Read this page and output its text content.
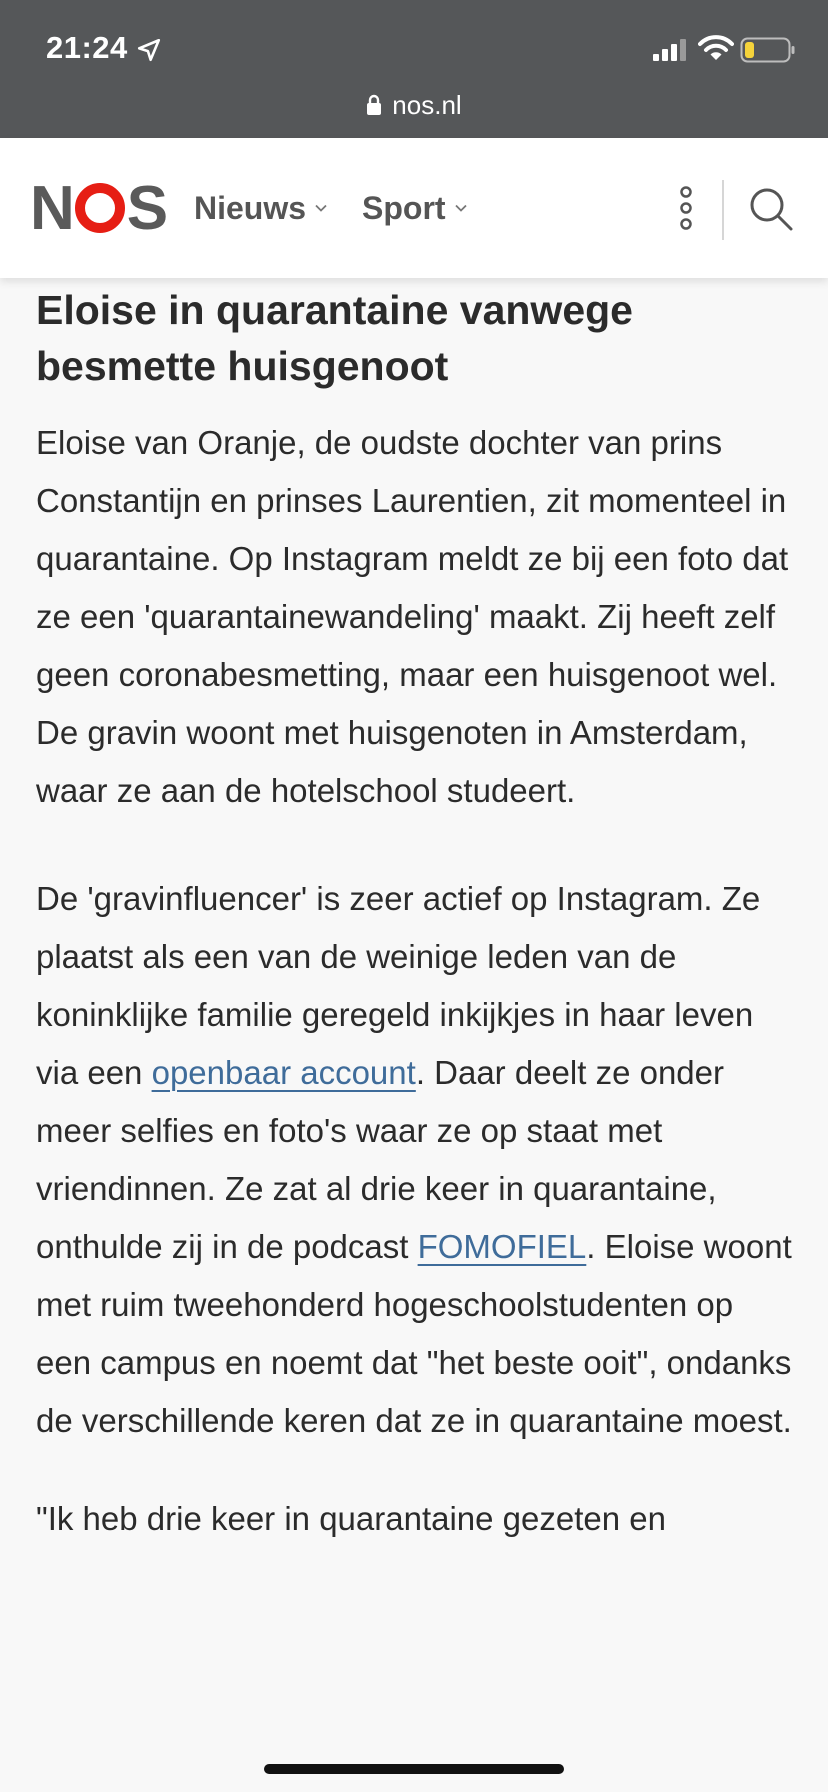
21:24
nos.nl
N S Nieuws Sport
Eloise in quarantaine vanwege besmette huisgenoot

Eloise van Oranje, de oudste dochter van prins Constantijn en prinses Laurentien, zit momenteel in quarantaine. Op Instagram meldt ze bij een foto dat ze een 'quarantainewandeling' maakt. Zij heeft zelf geen coronabesmetting, maar een huisgenoot wel. De gravin woont met huisgenoten in Amsterdam, waar ze aan de hotelschool studeert.

De 'gravinfluencer' is zeer actief op Instagram. Ze plaatst als een van de weinige leden van de koninklijke familie geregeld inkijkjes in haar leven via een openbaar account. Daar deelt ze onder meer selfies en foto's waar ze op staat met vriendinnen. Ze zat al drie keer in quarantaine, onthulde zij in de podcast FOMOFIEL. Eloise woont met ruim tweehonderd hogeschoolstudenten op een campus en noemt dat "het beste ooit", ondanks de verschillende keren dat ze in quarantaine moest.

"Ik heb drie keer in quarantaine gezeten en
